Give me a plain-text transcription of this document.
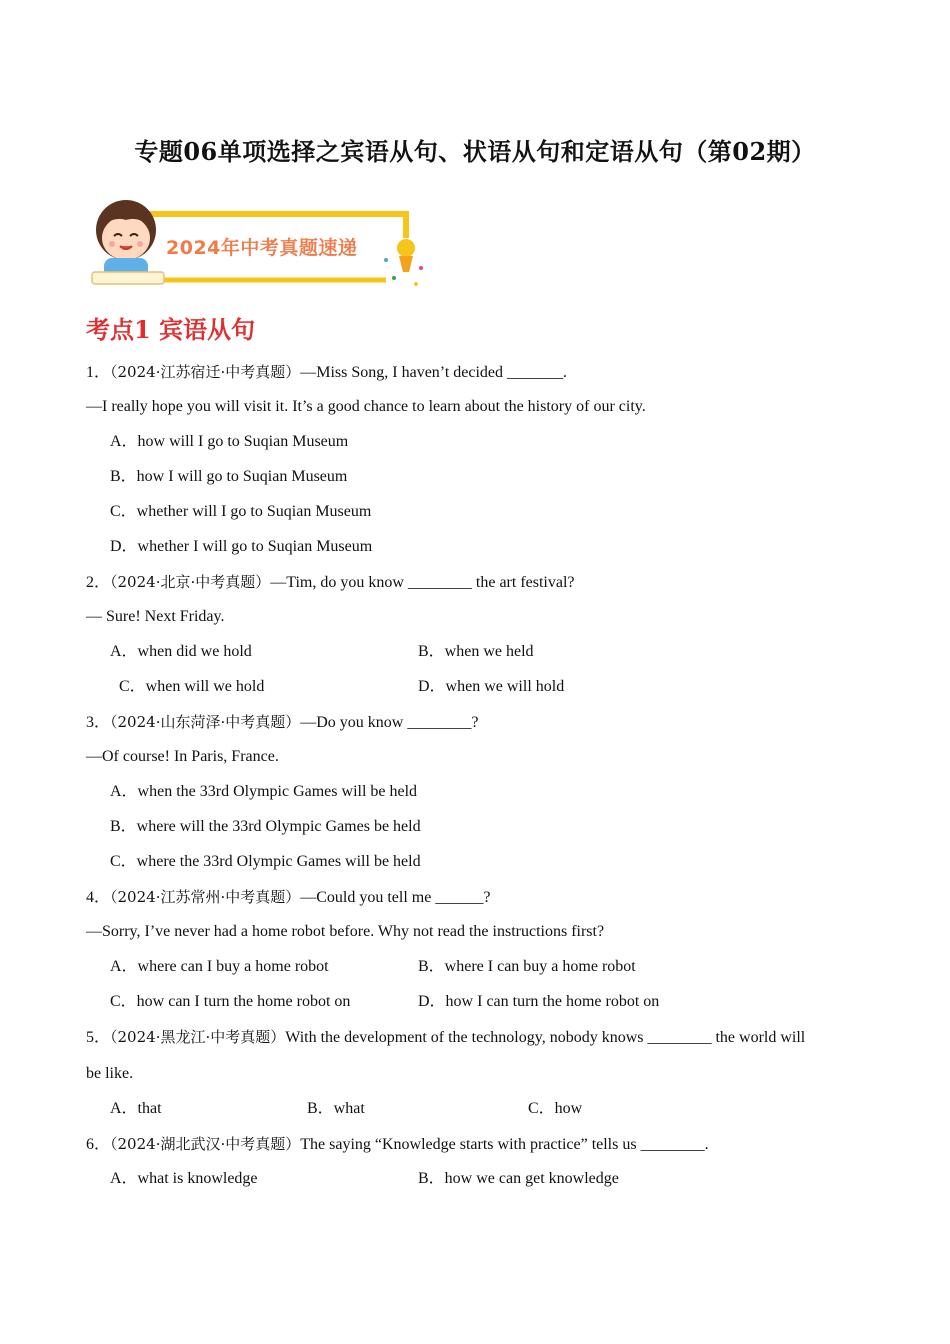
专题06单项选择之宾语从句、状语从句和定语从句（第02期）
2024年中考真题速递
考点1 宾语从句
1．（2024·江苏宿迁·中考真题）—Miss Song, I haven’t decided _______.
—I really hope you will visit it. It’s a good chance to learn about the history of our city.
A．how will I go to Suqian Museum
B．how I will go to Suqian Museum
C．whether will I go to Suqian Museum
D．whether I will go to Suqian Museum
2．（2024·北京·中考真题）—Tim, do you know ________ the art festival?
— Sure! Next Friday.
A．when did we hold	B．when we held
C．when will we hold	D．when we will hold
3．（2024·山东菏泽·中考真题）—Do you know ________?
—Of course! In Paris, France.
A．when the 33rd Olympic Games will be held
B．where will the 33rd Olympic Games be held
C．where the 33rd Olympic Games will be held
4．（2024·江苏常州·中考真题）—Could you tell me ______?
—Sorry, I’ve never had a home robot before. Why not read the instructions first?
A．where can I buy a home robot	B．where I can buy a home robot
C．how can I turn the home robot on	D．how I can turn the home robot on
5．（2024·黑龙江·中考真题）With the development of the technology, nobody knows ________ the world will
be like.
A．that	B．what	C．how
6．（2024·湖北武汉·中考真题）The saying “Knowledge starts with practice” tells us ________.
A．what is knowledge	B．how we can get knowledge
